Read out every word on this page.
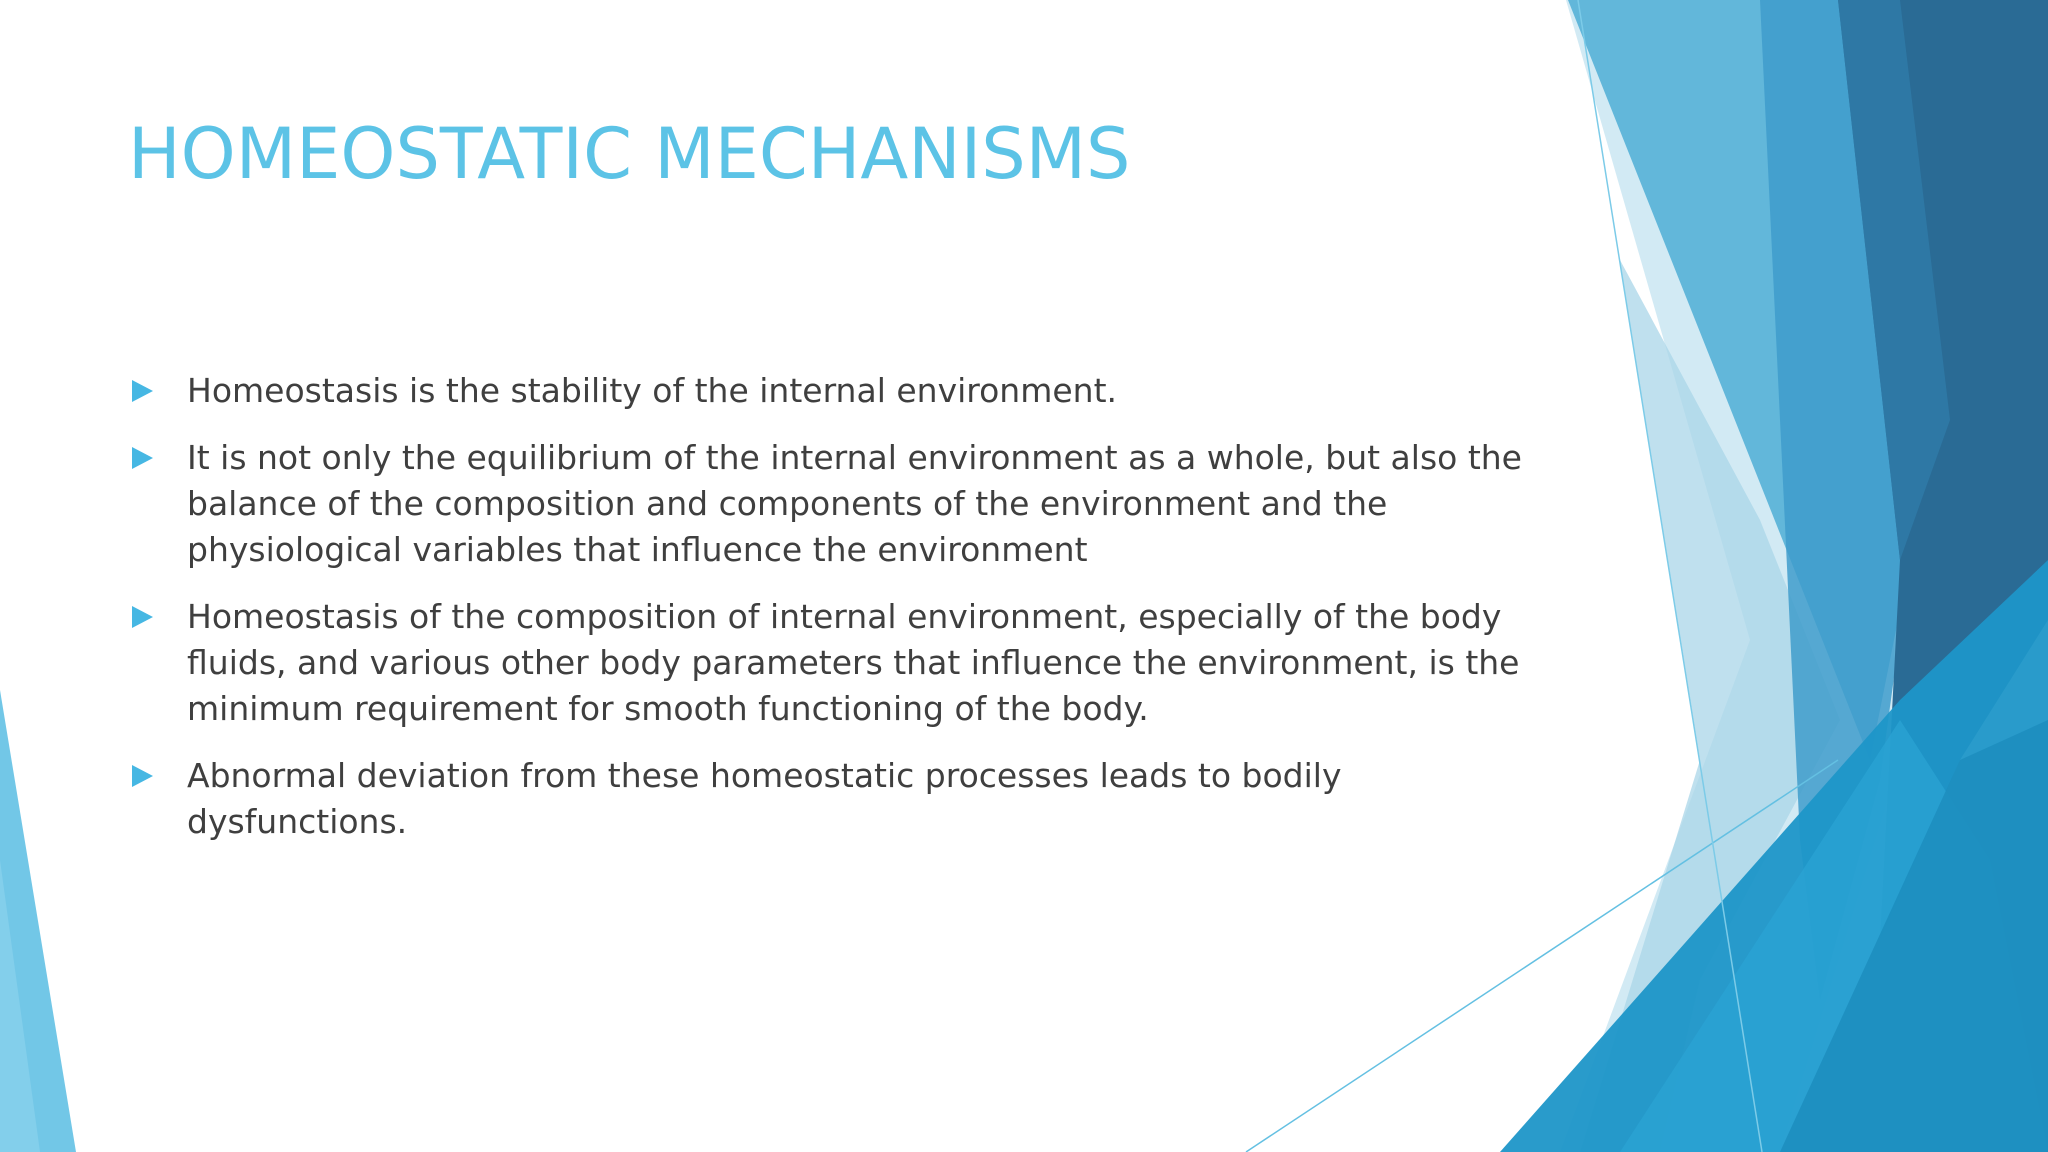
HOMEOSTATIC MECHANISMS
Homeostasis is the stability of the internal environment.
It is not only the equilibrium of the internal environment as a whole, but also the balance of the composition and components of the environment and the physiological variables that influence the environment
Homeostasis of the composition of internal environment, especially of the body fluids, and various other body parameters that influence the environment, is the minimum requirement for smooth functioning of the body.
Abnormal deviation from these homeostatic processes leads to bodily dysfunctions.
